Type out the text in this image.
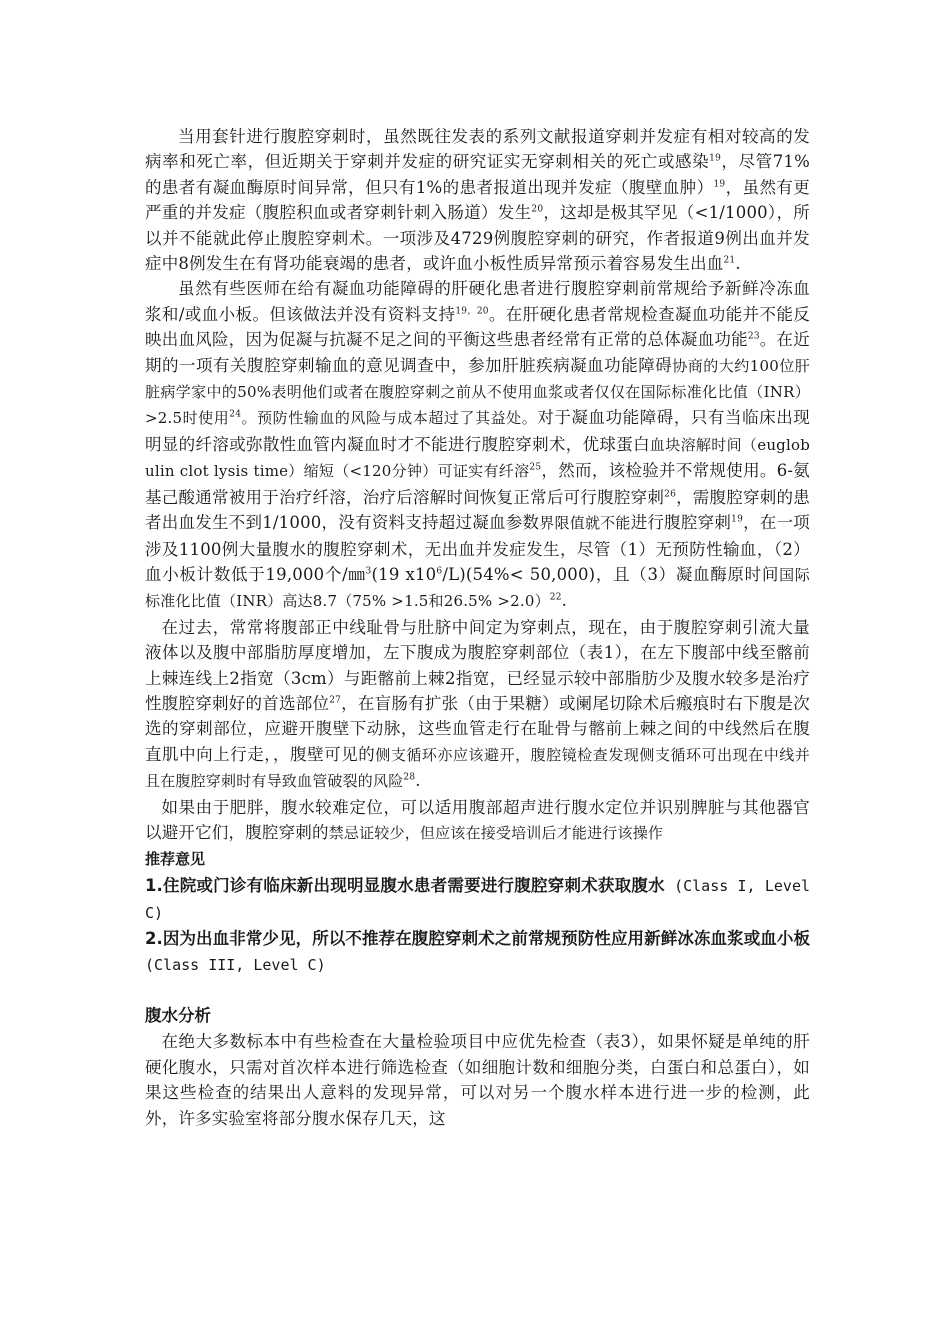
当用套针进行腹腔穿刺时，虽然既往发表的系列文献报道穿刺并发症有相对较高的发病率和死亡率，但近期关于穿刺并发症的研究证实无穿刺相关的死亡或感染$^{19}$，尽管71%的患者有凝血酶原时间异常，但只有1%的患者报道出现并发症（腹壁血肿）$^{19}$，虽然有更严重的并发症（腹腔积血或者穿刺针刺入肠道）发生$^{20}$，这却是极其罕见（<1/1000），所以并不能就此停止腹腔穿刺术。一项涉及4729例腹腔穿刺的研究，作者报道9例出血并发症中8例发生在有肾功能衰竭的患者，或许血小板性质异常预示着容易发生出血$^{21}$.

虽然有些医师在给有凝血功能障碍的肝硬化患者进行腹腔穿刺前常规给予新鲜冷冻血浆和/或血小板。但该做法并没有资料支持$^{19,20}$。在肝硬化患者常规检查凝血功能并不能反映出血风险，因为促凝与抗凝不足之间的平衡这些患者经常有正常的总体凝血功能$^{23}$。在近期的一项有关腹腔穿刺输血的意见调查中，参加肝脏疾病凝血功能障碍协商的大约100位肝脏病学家中的50%表明他们或者在腹腔穿刺之前从不使用血浆或者仅仅在国际标准化比值（INR）>2.5时使用$^{24}$。预防性输血的风险与成本超过了其益处。对于凝血功能障碍，只有当临床出现明显的纤溶或弥散性血管内凝血时才不能进行腹腔穿刺术，优球蛋白血块溶解时间（euglobulin clot lysis time）缩短（<120分钟）可证实有纤溶$^{25}$，然而，该检验并不常规使用。6-氨基己酸通常被用于治疗纤溶，治疗后溶解时间恢复正常后可行腹腔穿刺$^{26}$，需腹腔穿刺的患者出血发生不到1/1000，没有资料支持超过凝血参数界限值就不能进行腹腔穿刺$^{19}$，在一项涉及1100例大量腹水的腹腔穿刺术，无出血并发症发生，尽管（1）无预防性输血，（2）血小板计数低于19,000个/㎜$^3$(19 $x10^6/L)(54\%< 50,000)$，且（3）凝血酶原时间国际标准化比值（INR）高达8.7（75% >1.5和26.5% >2.0）$^{22}$.

在过去，常常将腹部正中线耻骨与肚脐中间定为穿刺点，现在，由于腹腔穿刺引流大量液体以及腹中部脂肪厚度增加，左下腹成为腹腔穿刺部位（表1），在左下腹部中线至髂前上棘连线上2指宽（3cm）与距髂前上棘2指宽，已经显示较中部脂肪少及腹水较多是治疗性腹腔穿刺好的首选部位$^{27}$，在盲肠有扩张（由于果糖）或阑尾切除术后瘢痕时右下腹是次选的穿刺部位，应避开腹壁下动脉，这些血管走行在耻骨与髂前上棘之间的中线然后在腹直肌中向上行走，，腹壁可见的侧支循环亦应该避开，腹腔镜检查发现侧支循环可出现在中线并且在腹腔穿刺时有导致血管破裂的风险$^{28}$.

如果由于肥胖，腹水较难定位，可以适用腹部超声进行腹水定位并识别脾脏与其他器官以避开它们，腹腔穿刺的禁忌证较少，但应该在接受培训后才能进行该操作

推荐意见

1.住院或门诊有临床新出现明显腹水患者需要进行腹腔穿刺术获取腹水 (Class I, Level C)

2.因为出血非常少见，所以不推荐在腹腔穿刺术之前常规预防性应用新鲜冰冻血浆或血小板(Class III, Level C)

腹水分析

在绝大多数标本中有些检查在大量检验项目中应优先检查（表3），如果怀疑是单纯的肝硬化腹水，只需对首次样本进行筛选检查（如细胞计数和细胞分类，白蛋白和总蛋白），如果这些检查的结果出人意料的发现异常，可以对另一个腹水样本进行进一步的检测，此外，许多实验室将部分腹水保存几天，这
